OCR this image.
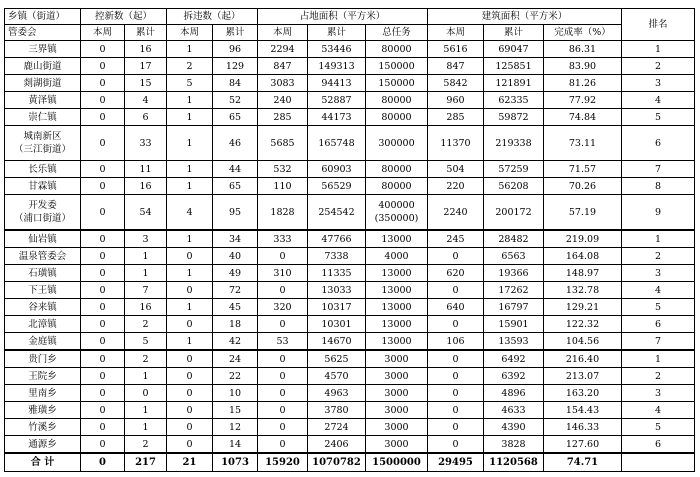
乡镇（街道）	控新数（起）		拆违数（起）		占地面积（平方米）			建筑面积（平方米）			排名
管委会	本周	累计	本周	累计	本周	累计	总任务	本周	累计	完成率（%）	
三界镇	0	16	1	96	2294	53446	80000	5616	69047	86.31	1
鹿山街道	0	17	2	129	847	149313	150000	847	125851	83.90	2
剡湖街道	0	15	5	84	3083	94413	150000	5842	121891	81.26	3
黄泽镇	0	4	1	52	240	52887	80000	960	62335	77.92	4
崇仁镇	0	6	1	65	285	44173	80000	285	59872	74.84	5

城南新区
（三江街道）	0	33	1	46	5685	165748	300000	11370	219338	73.11	6
长乐镇	0	11	1	44	532	60903	80000	504	57259	71.57	7
甘霖镇	0	16	1	65	110	56529	80000	220	56208	70.26	8

开发委
（浦口街道）	0	54	4	95	1828	254542	400000
(350000)	2240	200172	57.19	9
仙岩镇	0	3	1	34	333	47766	13000	245	28482	219.09	1
温泉管委会	0	1	0	40	0	7338	4000	0	6563	164.08	2
石璜镇	0	1	1	49	310	11335	13000	620	19366	148.97	3
下王镇	0	7	0	72	0	13033	13000	0	17262	132.78	4
谷来镇	0	16	1	45	320	10317	13000	640	16797	129.21	5
北漳镇	0	2	0	18	0	10301	13000	0	15901	122.32	6
金庭镇	0	5	1	42	53	14670	13000	106	13593	104.56	7
贵门乡	0	2	0	24	0	5625	3000	0	6492	216.40	1
王院乡	0	1	0	22	0	4570	3000	0	6392	213.07	2
里南乡	0	0	0	10	0	4963	3000	0	4896	163.20	3
雅璜乡	0	1	0	15	0	3780	3000	0	4633	154.43	4
竹溪乡	0	1	0	12	0	2724	3000	0	4390	146.33	5
通源乡	0	2	0	14	0	2406	3000	0	3828	127.60	6
合 计	0	217	21	1073	15920	1070782	1500000	29495	1120568	74.71	
